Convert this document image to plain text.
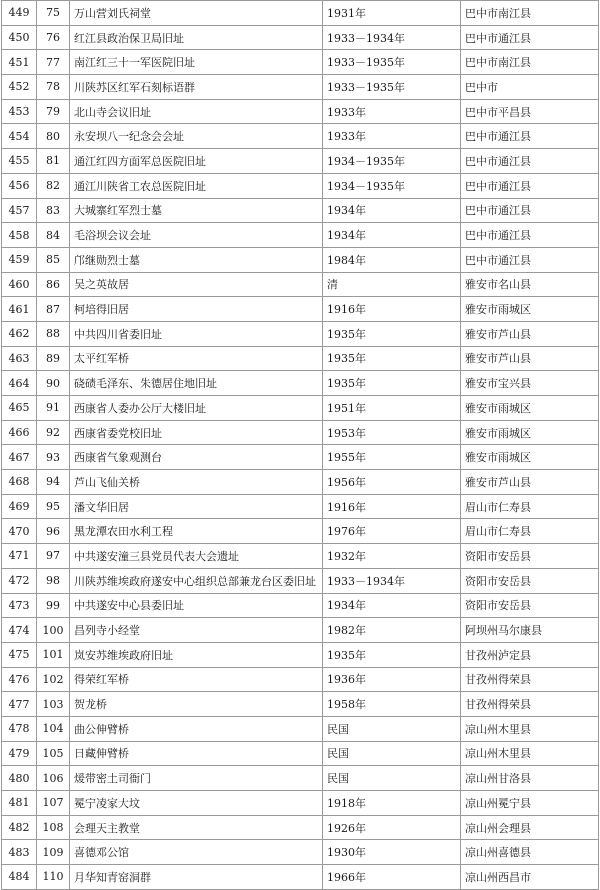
449	75	万山营刘氏祠堂	1931年	巴中市南江县
450	76	红江县政治保卫局旧址	1933－1934年	巴中市通江县
451	77	南江红三十一军医院旧址	1933－1935年	巴中市南江县
452	78	川陕苏区红军石刻标语群	1933－1935年	巴中市
453	79	北山寺会议旧址	1933年	巴中市平昌县
454	80	永安坝八一纪念会会址	1933年	巴中市通江县
455	81	通江红四方面军总医院旧址	1934－1935年	巴中市通江县
456	82	通江川陕省工农总医院旧址	1934－1935年	巴中市通江县
457	83	大城寨红军烈士墓	1934年	巴中市通江县
458	84	毛浴坝会议会址	1934年	巴中市通江县
459	85	邝继勋烈士墓	1984年	巴中市通江县
460	86	吴之英故居	清	雅安市名山县
461	87	柯培得旧居	1916年	雅安市雨城区
462	88	中共四川省委旧址	1935年	雅安市芦山县
463	89	太平红军桥	1935年	雅安市芦山县
464	90	硗碛毛泽东、朱德居住地旧址	1935年	雅安市宝兴县
465	91	西康省人委办公厅大楼旧址	1951年	雅安市雨城区
466	92	西康省委党校旧址	1953年	雅安市雨城区
467	93	西康省气象观测台	1955年	雅安市雨城区
468	94	芦山飞仙关桥	1956年	雅安市芦山县
469	95	潘文华旧居	1916年	眉山市仁寿县
470	96	黑龙潭农田水利工程	1976年	眉山市仁寿县
471	97	中共遂安潼三县党员代表大会遗址	1932年	资阳市安岳县
472	98	川陕苏维埃政府遂安中心组织总部兼龙台区委旧址	1933－1934年	资阳市安岳县
473	99	中共遂安中心县委旧址	1934年	资阳市安岳县
474	100	昌列寺小经堂	1982年	阿坝州马尔康县
475	101	岚安苏维埃政府旧址	1935年	甘孜州泸定县
476	102	得荣红军桥	1936年	甘孜州得荣县
477	103	贺龙桥	1958年	甘孜州得荣县
478	104	曲公伸臂桥	民国	凉山州木里县
479	105	日藏伸臂桥	民国	凉山州木里县
480	106	煖带密土司衙门	民国	凉山州甘洛县
481	107	冕宁凌家大坟	1918年	凉山州冕宁县
482	108	会理天主教堂	1926年	凉山州会理县
483	109	喜德邓公馆	1930年	凉山州喜德县
484	110	月华知青窑洞群	1966年	凉山州西昌市
